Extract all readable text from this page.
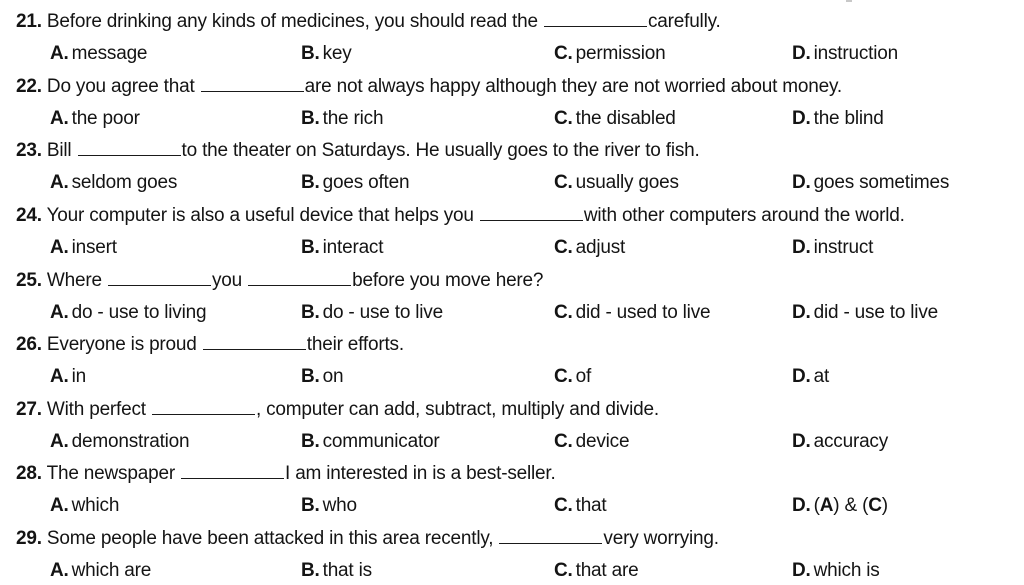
21. Before drinking any kinds of medicines, you should read the	carefully.
A. message	B. key	C. permission	D. instruction
22. Do you agree that	are not always happy although they are not worried about money.
A. the poor	B. the rich	C. the disabled	D. the blind
23. Bill	to the theater on Saturdays. He usually goes to the river to fish.
A. seldom goes	B. goes often	C. usually goes	D. goes sometimes
24. Your computer is also a useful device that helps you	with other computers around the world.
A. insert	B. interact	C. adjust	D. instruct
25. Where	you	before you move here?
A. do - use to living	B. do - use to live	C. did - used to live	D. did - use to live
26. Everyone is proud	their efforts.
A. in	B. on	C. of	D. at
27. With perfect	, computer can add, subtract, multiply and divide.
A. demonstration	B. communicator	C. device	D. accuracy
28. The newspaper	I am interested in is a best-seller.
A. which	B. who	C. that	D. (A) & (C)
29. Some people have been attacked in this area recently,	very worrying.
A. which are	B. that is	C. that are	D. which is
